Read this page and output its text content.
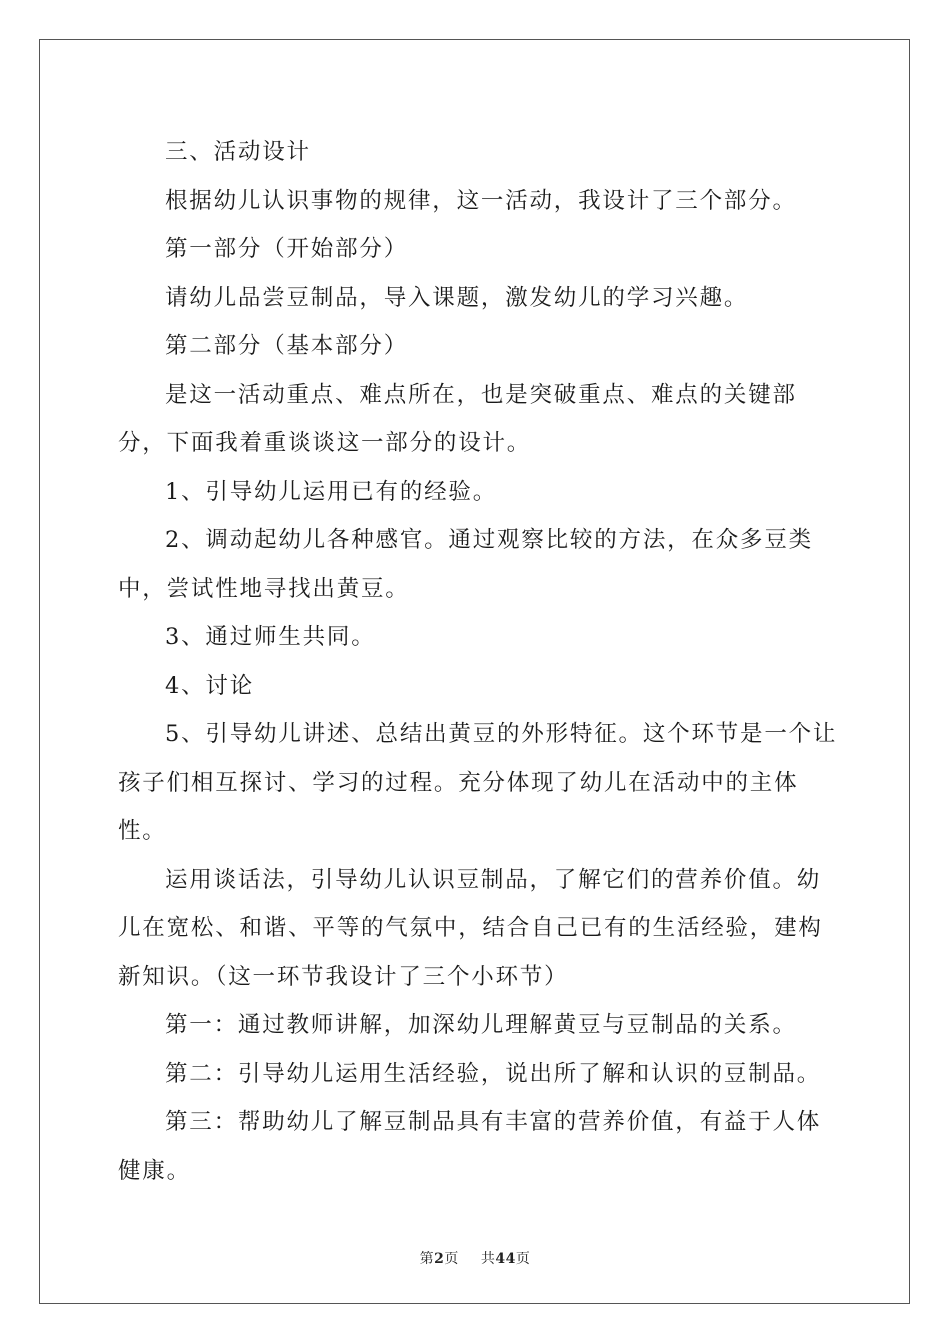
三、活动设计

根据幼儿认识事物的规律，这一活动，我设计了三个部分。

第一部分（开始部分）

请幼儿品尝豆制品，导入课题，激发幼儿的学习兴趣。

第二部分（基本部分）

是这一活动重点、难点所在，也是突破重点、难点的关键部分，下面我着重谈谈这一部分的设计。

1、引导幼儿运用已有的经验。

2、调动起幼儿各种感官。通过观察比较的方法，在众多豆类中，尝试性地寻找出黄豆。

3、通过师生共同。

4、讨论

5、引导幼儿讲述、总结出黄豆的外形特征。这个环节是一个让孩子们相互探讨、学习的过程。充分体现了幼儿在活动中的主体性。

运用谈话法，引导幼儿认识豆制品，了解它们的营养价值。幼儿在宽松、和谐、平等的气氛中，结合自己已有的生活经验，建构新知识。（这一环节我设计了三个小环节）

第一：通过教师讲解，加深幼儿理解黄豆与豆制品的关系。

第二：引导幼儿运用生活经验，说出所了解和认识的豆制品。

第三：帮助幼儿了解豆制品具有丰富的营养价值，有益于人体健康。

第2页 共44页
